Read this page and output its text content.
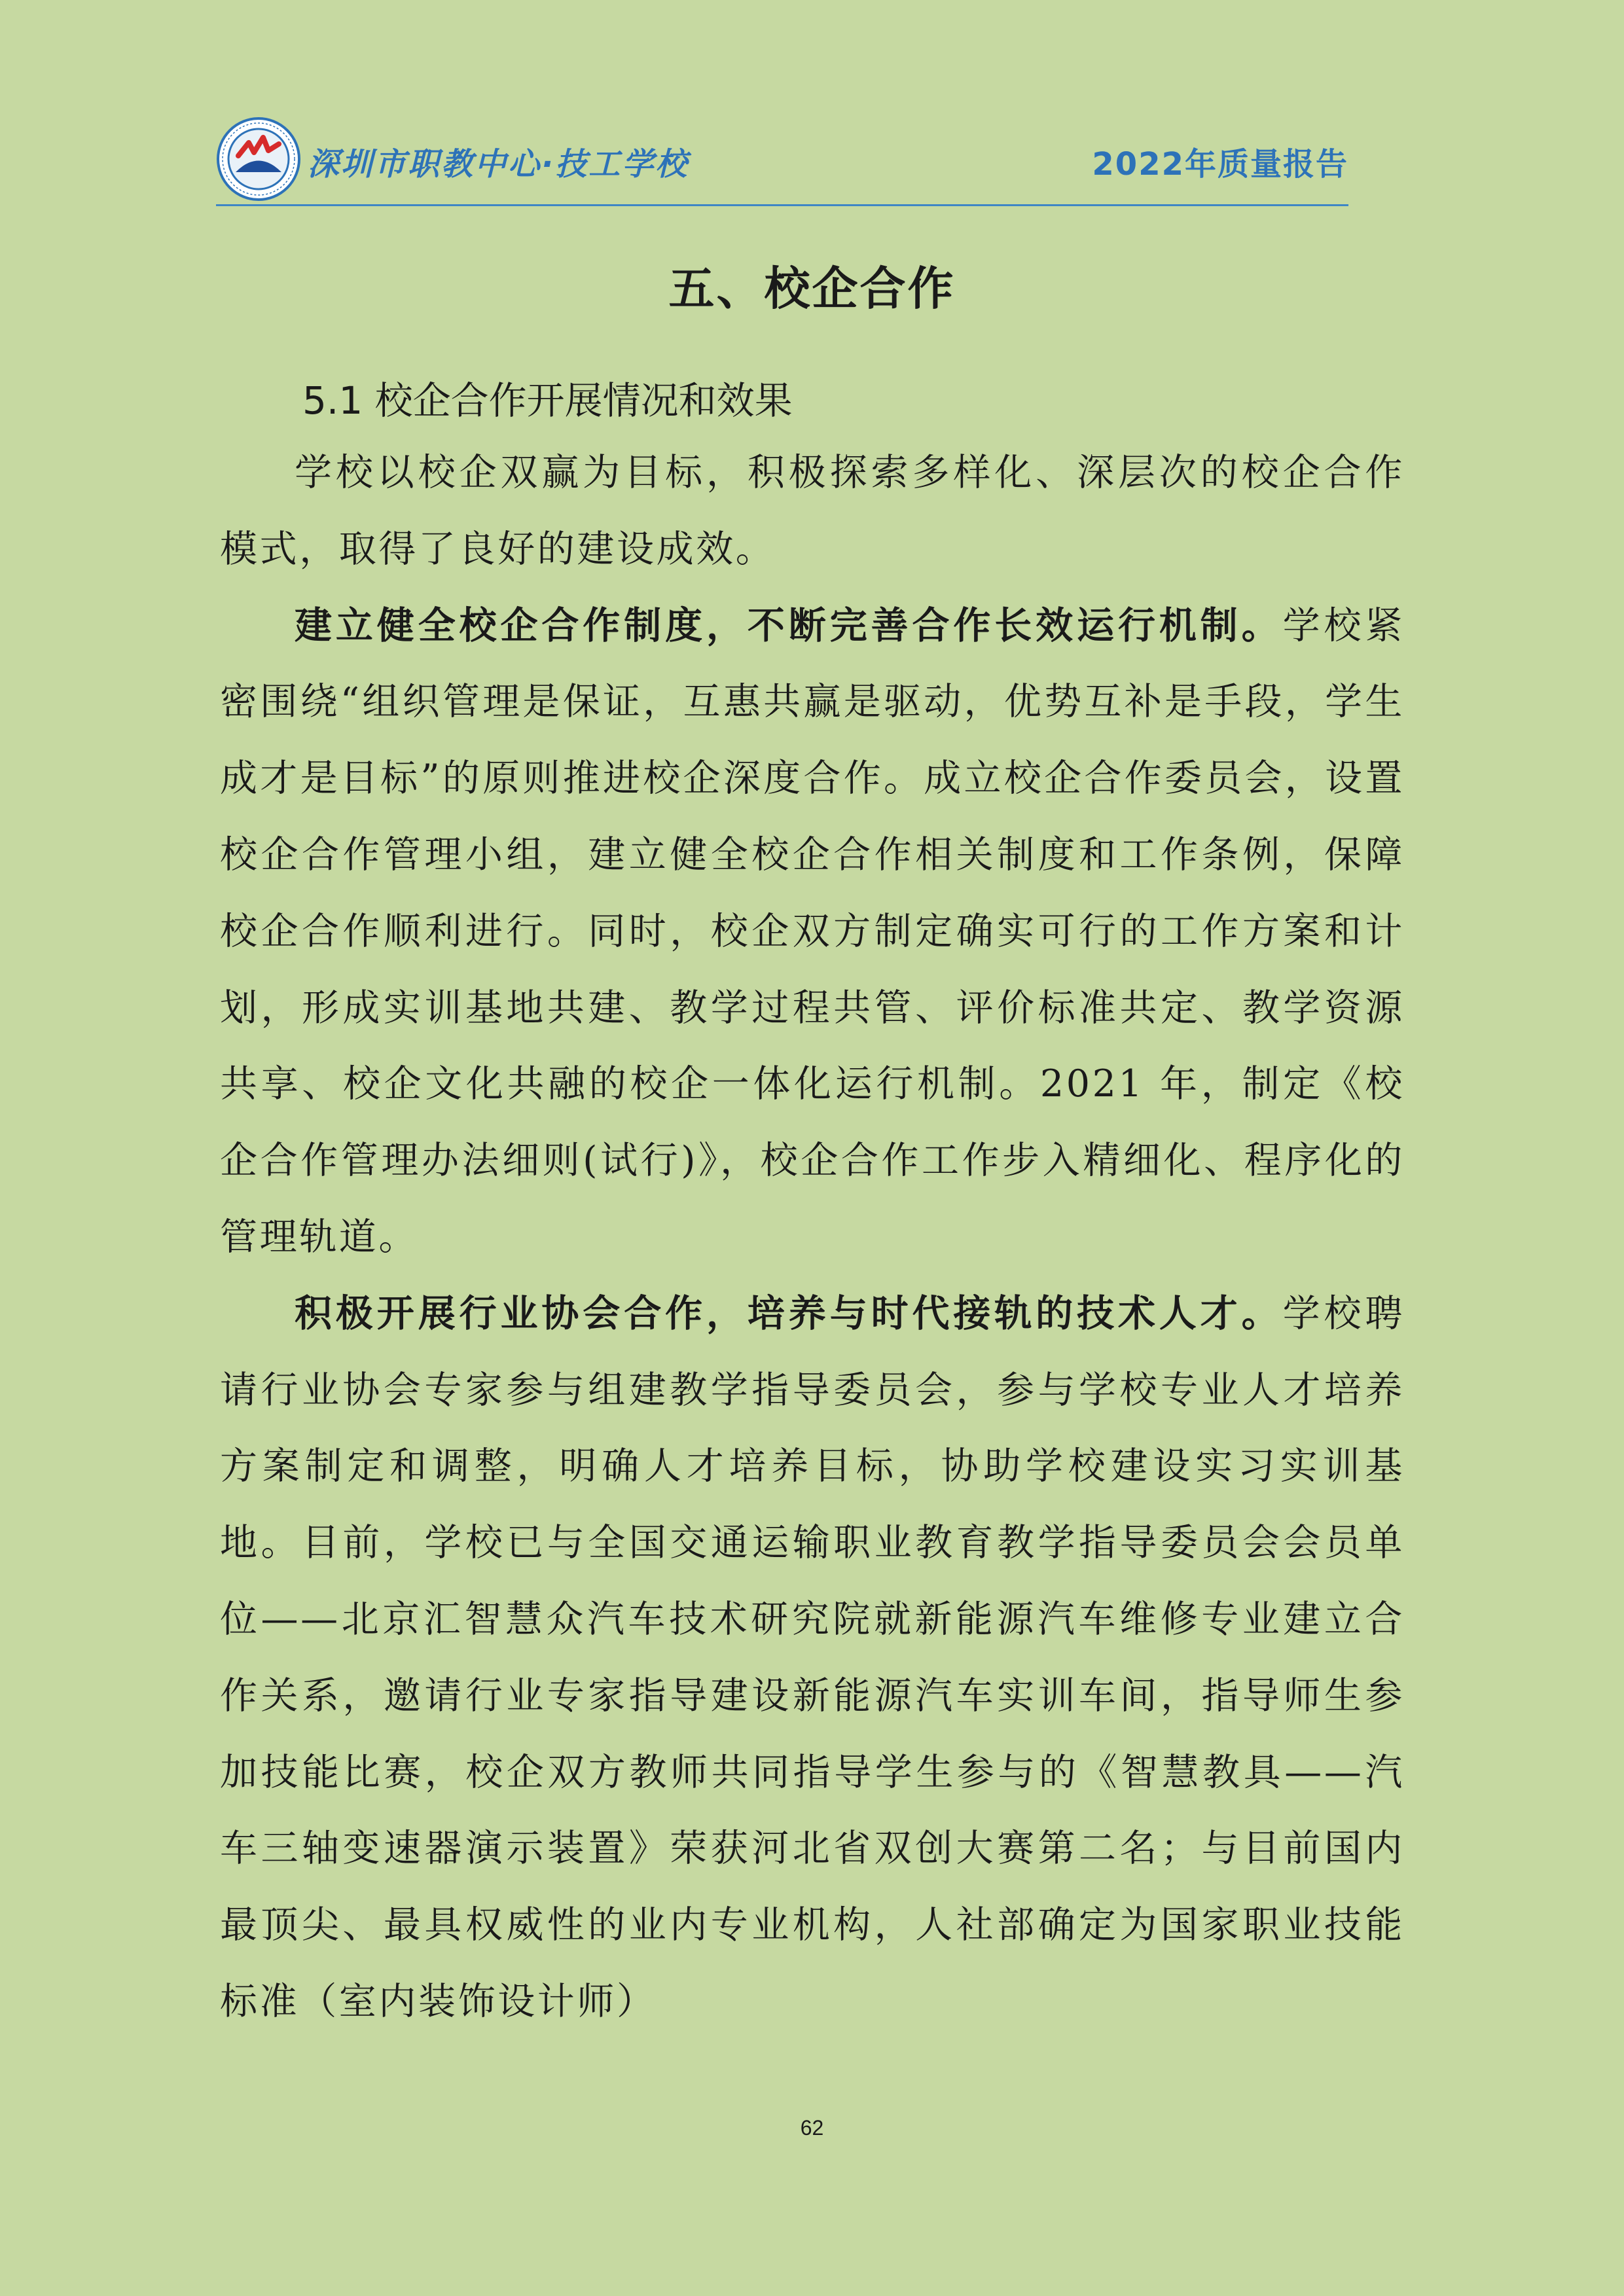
深圳市职教中心·技工学校	2022年质量报告
五、校企合作
5.1 校企合作开展情况和效果

学校以校企双赢为目标，积极探索多样化、深层次的校企合作模式，取得了良好的建设成效。

建立健全校企合作制度，不断完善合作长效运行机制。学校紧密围绕“组织管理是保证，互惠共赢是驱动，优势互补是手段，学生成才是目标”的原则推进校企深度合作。成立校企合作委员会，设置校企合作管理小组，建立健全校企合作相关制度和工作条例，保障校企合作顺利进行。同时，校企双方制定确实可行的工作方案和计划，形成实训基地共建、教学过程共管、评价标准共定、教学资源共享、校企文化共融的校企一体化运行机制。2021 年，制定《校企合作管理办法细则(试行)》，校企合作工作步入精细化、程序化的管理轨道。

积极开展行业协会合作，培养与时代接轨的技术人才。学校聘请行业协会专家参与组建教学指导委员会，参与学校专业人才培养方案制定和调整，明确人才培养目标，协助学校建设实习实训基地。目前，学校已与全国交通运输职业教育教学指导委员会会员单位——北京汇智慧众汽车技术研究院就新能源汽车维修专业建立合作关系，邀请行业专家指导建设新能源汽车实训车间，指导师生参加技能比赛，校企双方教师共同指导学生参与的《智慧教具——汽车三轴变速器演示装置》荣获河北省双创大赛第二名；与目前国内最顶尖、最具权威性的业内专业机构，人社部确定为国家职业技能标准（室内装饰设计师）

62
